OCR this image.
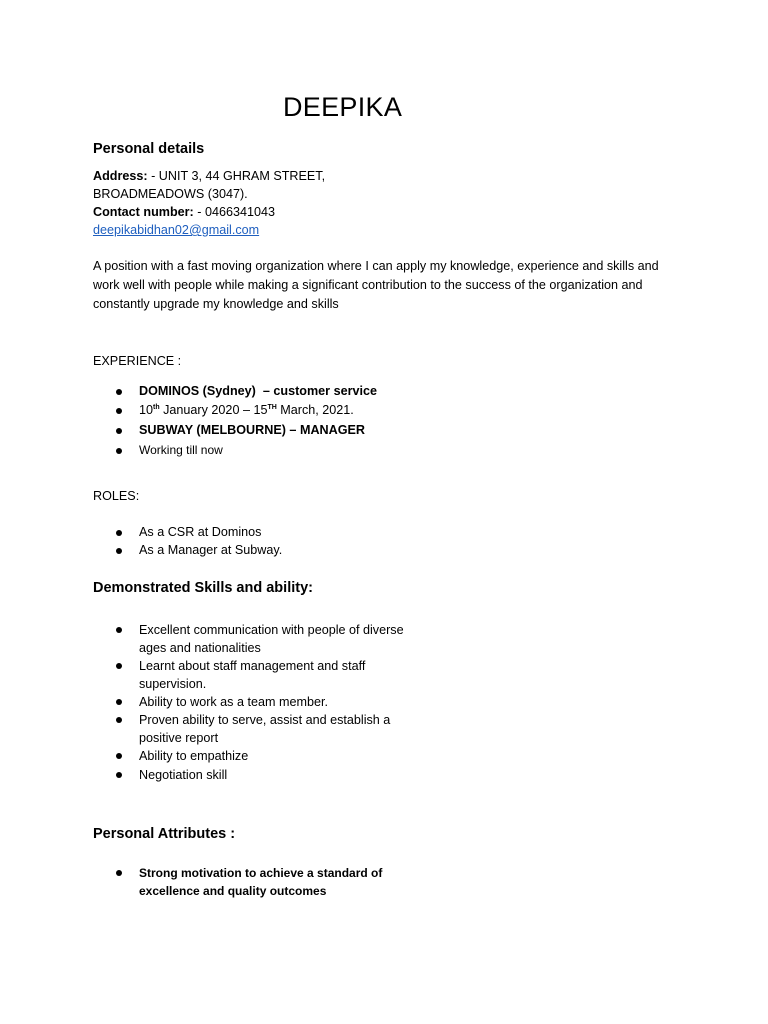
DEEPIKA
Personal details
Address: - UNIT 3, 44 GHRAM STREET,
BROADMEADOWS (3047).
Contact number: - 0466341043
deepikabidhan02@gmail.com
A position with a fast moving organization where I can apply my knowledge, experience and skills and work well with people while making a significant contribution to the success of the organization and constantly upgrade my knowledge and skills
EXPERIENCE :
DOMINOS (Sydney)  – customer service
10th January 2020 – 15TH March, 2021.
SUBWAY (MELBOURNE) – MANAGER
Working till now
ROLES:
As a CSR at Dominos
As a Manager at Subway.
Demonstrated Skills and ability:
Excellent communication with people of diverse ages and nationalities
Learnt about staff management and staff supervision.
Ability to work as a team member.
Proven ability to serve, assist and establish a positive report
Ability to empathize
Negotiation skill
Personal Attributes :
Strong motivation to achieve a standard of excellence and quality outcomes
